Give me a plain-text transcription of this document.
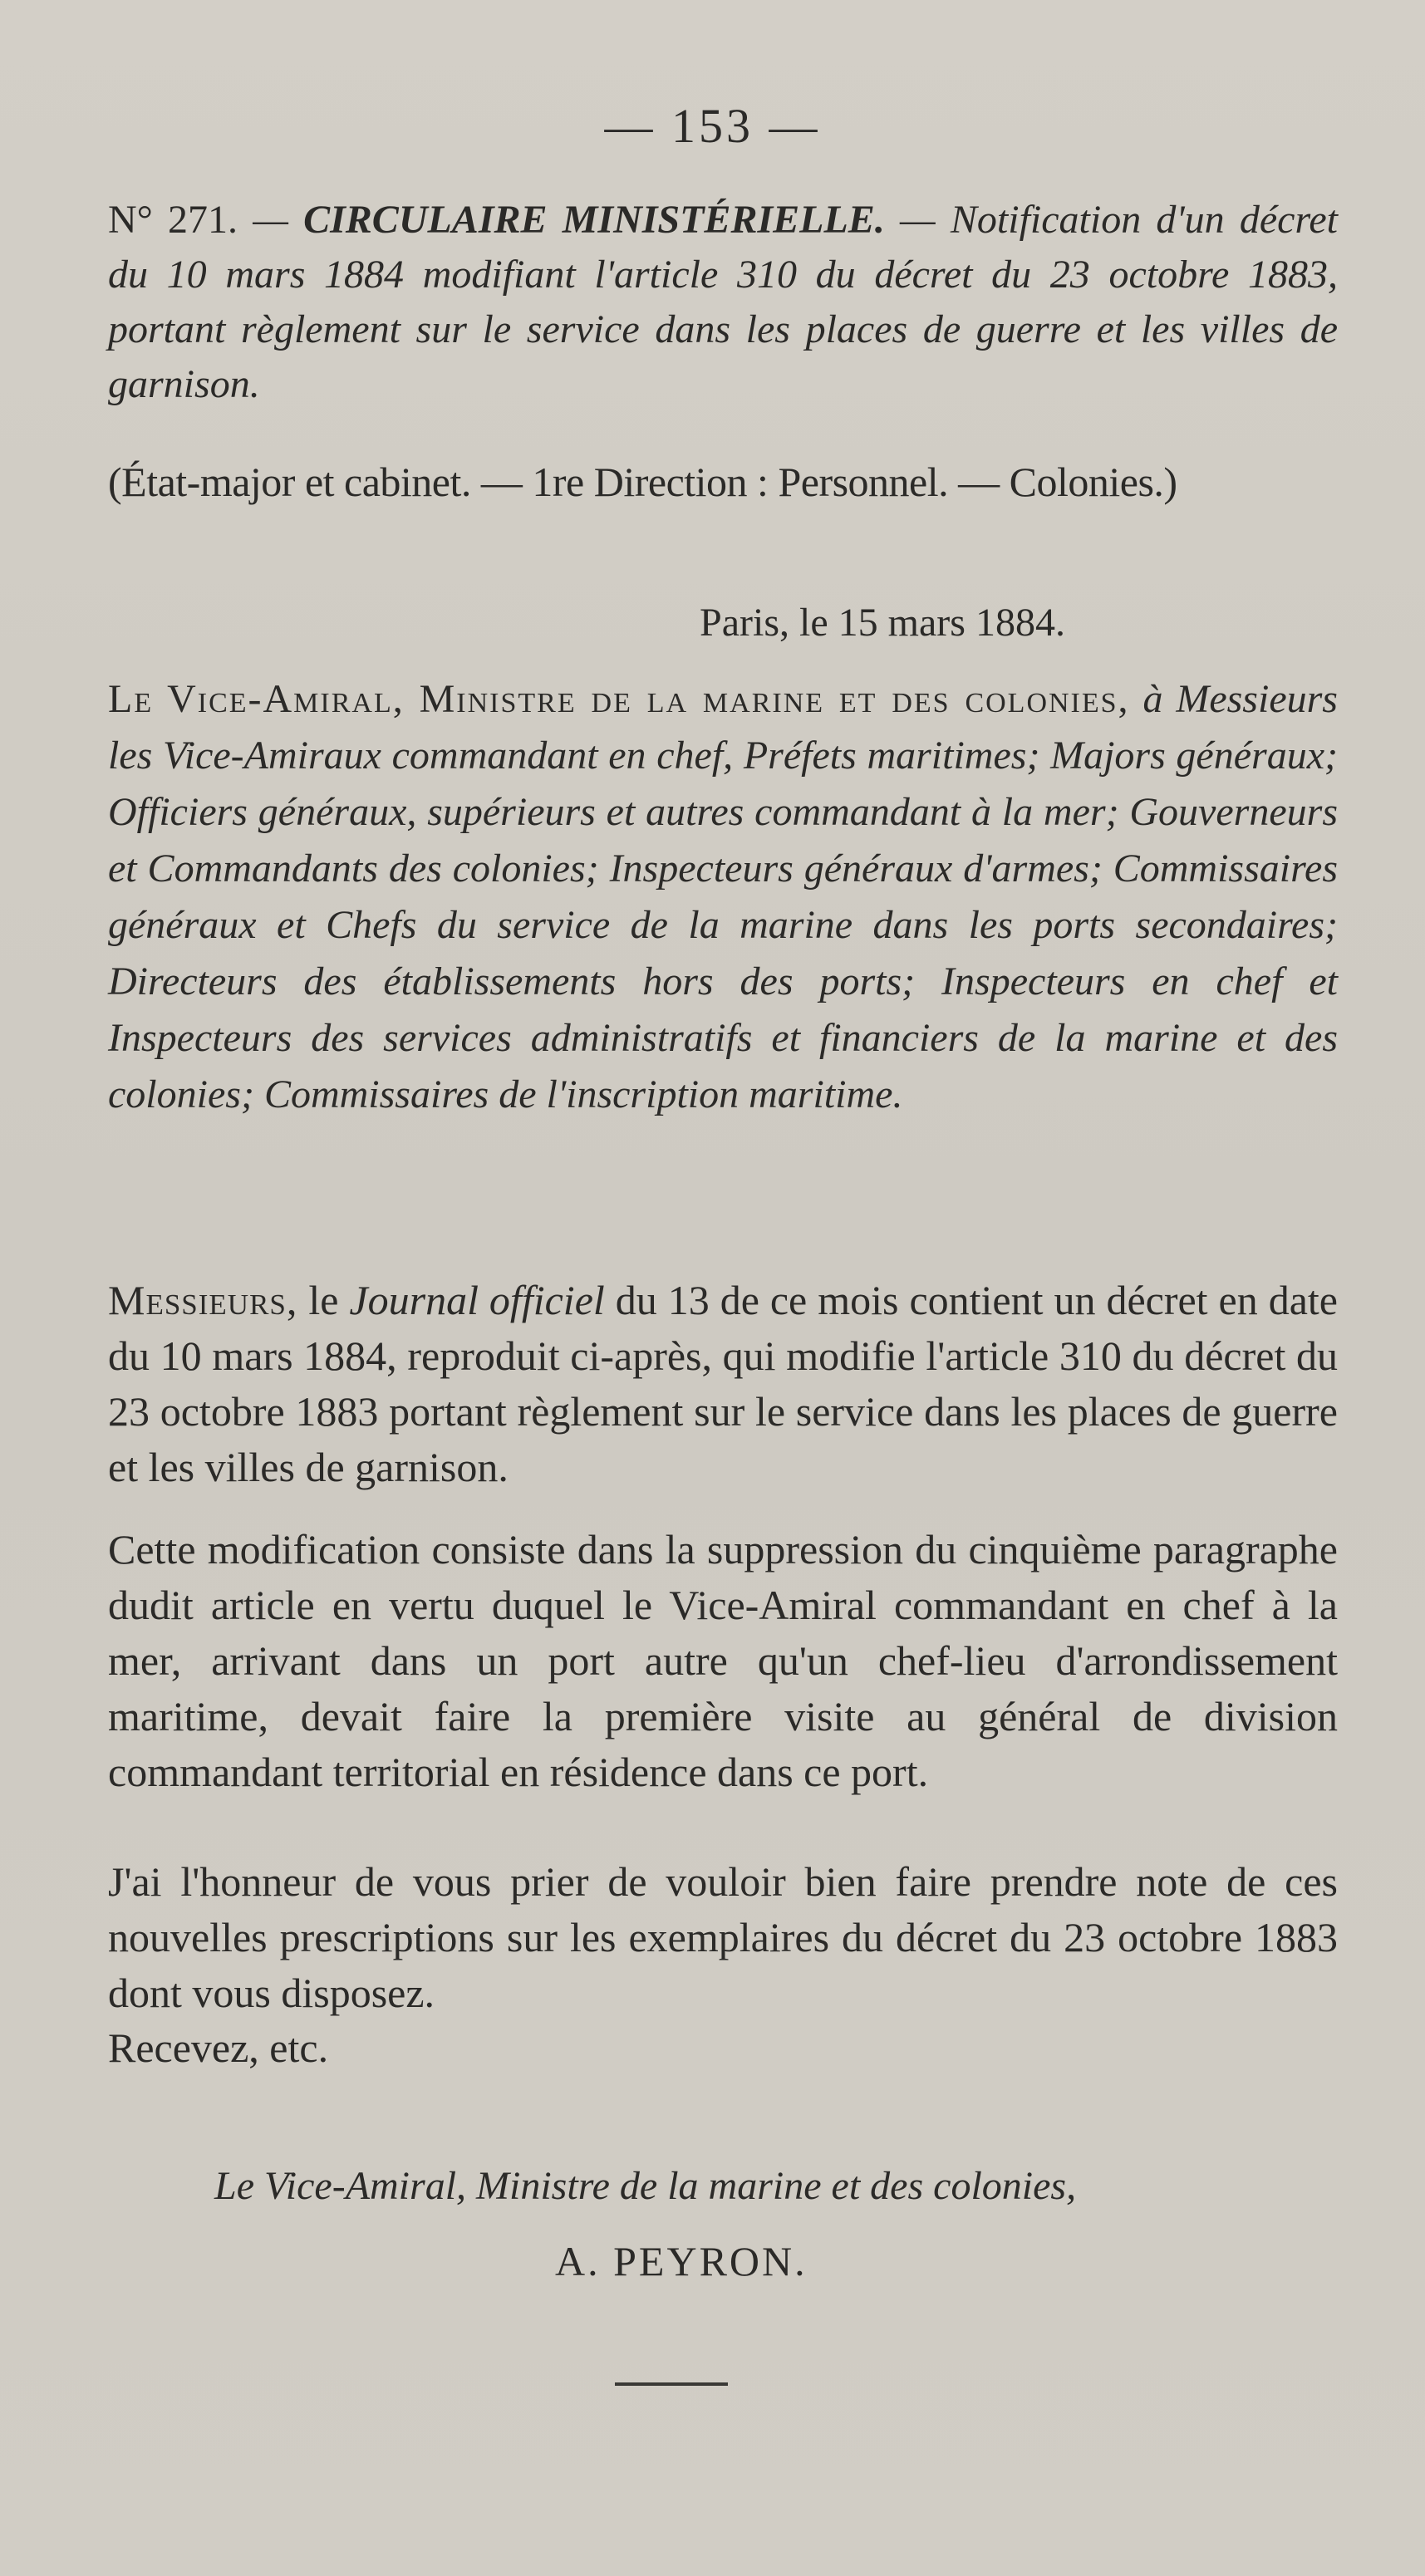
— 153 —
N° 271. — CIRCULAIRE MINISTÉRIELLE. — Notification d'un décret du 10 mars 1884 modifiant l'article 310 du décret du 23 octobre 1883, portant règlement sur le service dans les places de guerre et les villes de garnison.
(État-major et cabinet. — 1re Direction : Personnel. — Colonies.)
Paris, le 15 mars 1884.
Le Vice-Amiral, Ministre de la marine et des colonies, à Messieurs les Vice-Amiraux commandant en chef, Préfets maritimes; Majors généraux; Officiers généraux, supérieurs et autres commandant à la mer; Gouverneurs et Commandants des colonies; Inspecteurs généraux d'armes; Commissaires généraux et Chefs du service de la marine dans les ports secondaires; Directeurs des établissements hors des ports; Inspecteurs en chef et Inspecteurs des services administratifs et financiers de la marine et des colonies; Commissaires de l'inscription maritime.
Messieurs, le Journal officiel du 13 de ce mois contient un décret en date du 10 mars 1884, reproduit ci-après, qui modifie l'article 310 du décret du 23 octobre 1883 portant règlement sur le service dans les places de guerre et les villes de garnison.
Cette modification consiste dans la suppression du cinquième paragraphe dudit article en vertu duquel le Vice-Amiral commandant en chef à la mer, arrivant dans un port autre qu'un chef-lieu d'arrondissement maritime, devait faire la première visite au général de division commandant territorial en résidence dans ce port.
J'ai l'honneur de vous prier de vouloir bien faire prendre note de ces nouvelles prescriptions sur les exemplaires du décret du 23 octobre 1883 dont vous disposez.
Recevez, etc.
Le Vice-Amiral, Ministre de la marine et des colonies,
A. PEYRON.
